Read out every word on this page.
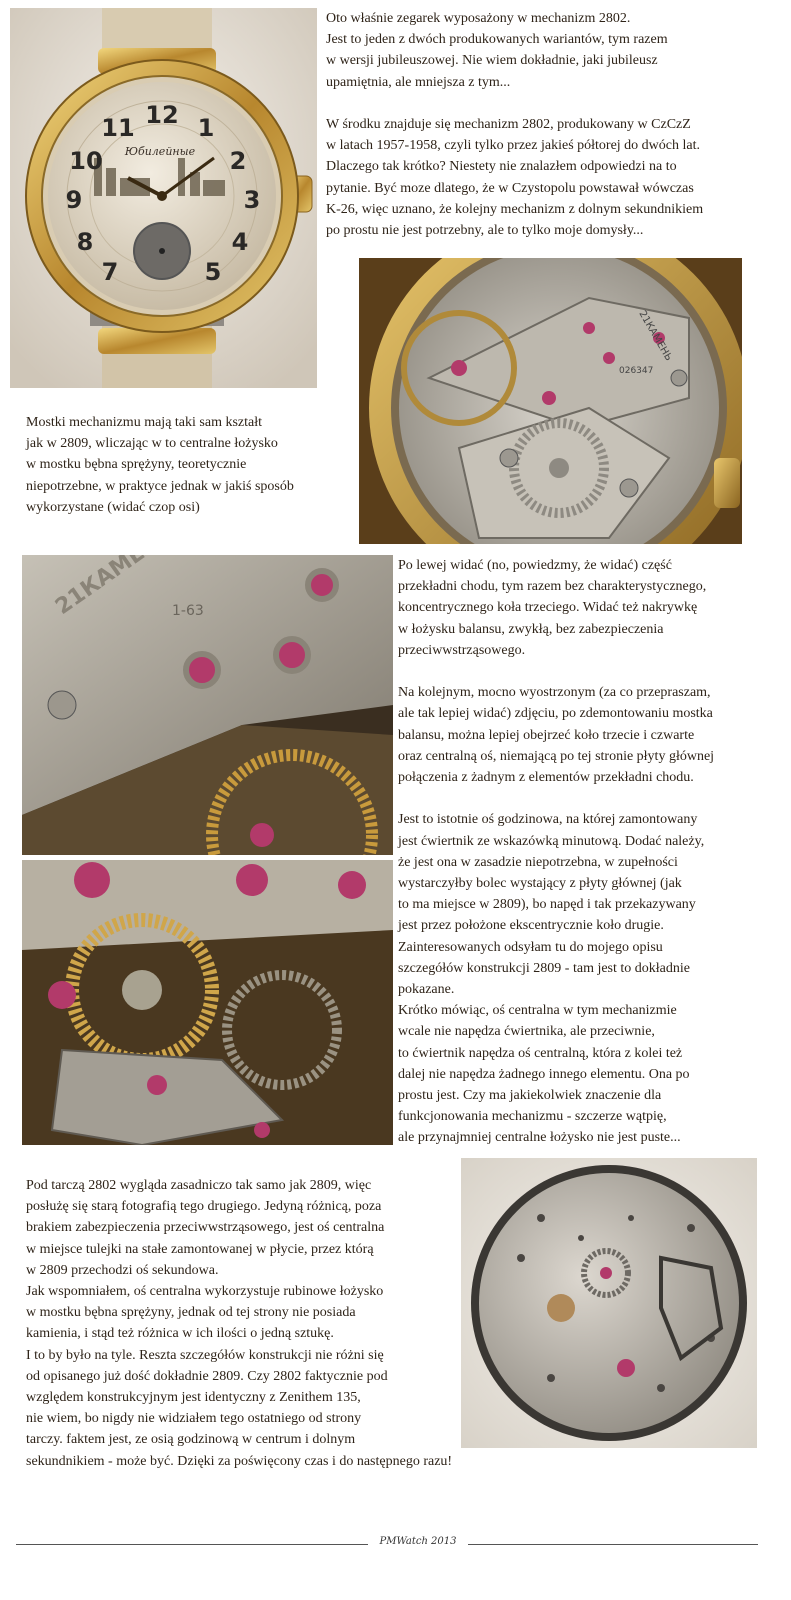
12 1
2
3
4
5
7
8
9
10
11
Юбилейные

Oto właśnie zegarek wyposażony w mechanizm 2802.

Jest to jeden z dwóch produkowanych wariantów, tym razem

w wersji jubileuszowej. Nie wiem dokładnie, jaki jubileusz

upamiętnia, ale mniejsza z tym...

W środku znajduje się mechanizm 2802, produkowany w CzCzZ

w latach 1957-1958, czyli tylko przez jakieś półtorej do dwóch lat.

Dlaczego tak krótko? Niestety nie znalazłem odpowiedzi na to

pytanie. Być moze dlatego, że w Czystopolu powstawał wówczas

K-26, więc uznano, że kolejny mechanizm z dolnym sekundnikiem

po prostu nie jest potrzebny, ale to tylko moje domysły...

21КАМЕНЬ
026347

Mostki mechanizmu mają taki sam kształt

jak w 2809, wliczając w to centralne łożysko

w mostku bębna sprężyny, teoretycznie

niepotrzebne, w praktyce jednak w jakiś sposób

wykorzystane (widać czop osi)

1-63

Po lewej widać (no, powiedzmy, że widać) część

przekładni chodu, tym razem bez charakterystycznego,

koncentrycznego koła trzeciego. Widać też nakrywkę

w łożysku balansu, zwykłą, bez zabezpieczenia

przeciwwstrząsowego.

Na kolejnym, mocno wyostrzonym (za co przepraszam,

ale tak lepiej widać) zdjęciu, po zdemontowaniu mostka

balansu, można lepiej obejrzeć koło trzecie i czwarte

oraz centralną oś, niemającą po tej stronie płyty głównej

połączenia z żadnym z elementów przekładni chodu.

Jest to istotnie oś godzinowa, na której zamontowany

jest ćwiertnik ze wskazówką minutową. Dodać należy,

że jest ona w zasadzie niepotrzebna, w zupełności

wystarczyłby bolec wystający z płyty głównej (jak

to ma miejsce w 2809), bo napęd i tak przekazywany

jest przez położone ekscentrycznie koło drugie.

Zainteresowanych odsyłam tu do mojego opisu

szczegółów konstrukcji 2809 - tam jest to dokładnie

pokazane.

Krótko mówiąc, oś centralna w tym mechanizmie

wcale nie napędza ćwiertnika, ale przeciwnie,

to ćwiertnik napędza oś centralną, która z kolei też

dalej nie napędza żadnego innego elementu. Ona po

prostu jest. Czy ma jakiekolwiek znaczenie dla

funkcjonowania mechanizmu - szczerze wątpię,

ale przynajmniej centralne łożysko nie jest puste...

Pod tarczą 2802 wygląda zasadniczo tak samo jak 2809, więc

posłużę się starą fotografią tego drugiego. Jedyną różnicą, poza

brakiem zabezpieczenia przeciwwstrząsowego, jest oś centralna

w miejsce tulejki na stałe zamontowanej w płycie, przez którą

w 2809 przechodzi oś sekundowa.

Jak wspomniałem, oś centralna wykorzystuje rubinowe łożysko

w mostku bębna sprężyny, jednak od tej strony nie posiada

kamienia, i stąd też różnica w ich ilości o jedną sztukę.

I to by było na tyle. Reszta szczegółów konstrukcji nie różni się

od opisanego już dość dokładnie 2809. Czy 2802 faktycznie pod

względem konstrukcyjnym jest identyczny z Zenithem 135,

nie wiem, bo nigdy nie widziałem tego ostatniego od strony

tarczy. faktem jest, ze osią godzinową w centrum i dolnym

sekundnikiem - może być. Dzięki za poświęcony czas i do następnego razu!

PMWatch 2013
